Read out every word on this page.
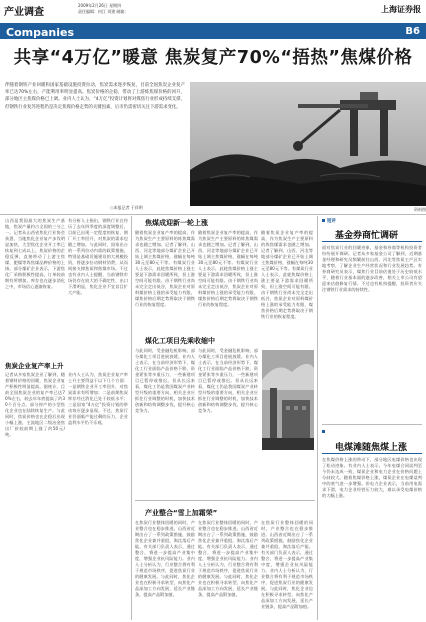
产业调查
2009年2月26日 星期四
责任编辑：何江 刘建 邮箱：	上海证券报
Companies	B6
共享“4万亿”暖意 焦炭复产70%“捂热”焦煤价格
伴随着钢铁产业回暖和国家基础设施投资拉动，焦炭需求逐步恢复，目前全国焦炭企业复产率已达70%左右，产能利用率明显提高。焦炭价格的企稳，带动了上游炼焦煤价格的回升，部分地区主焦煤价格已上调。业内人士认为，“4万亿”投资计划将对煤焦行业形成持续支撑，但钢铁行业复苏进程仍是决定焦煤价格走势的关键因素，后市仍需密切关注下游需求变化。
○本报记者 于祥明	资料图
山西是我国最大的焦炭生产基地，焦炭产量约占全国的三分之一。记者从山西省焦化行业协会获悉，当地焦化企业复产步伐明显加快，大型焦化企业开工率已恢复到七成以上。焦炭价格的企稳反弹，直接带动了上游主焦煤、肥煤等炼焦煤品种价格的上扬。部分煤矿企业表示，下游焦化厂采购积极性提高，订单较前期有所增加，库存也在逐步消化之中，市场信心逐渐恢复。
有分析人士指出，钢铁行业在经历了去年四季度的深度调整后，目前已出现一定程度的恢复，钢厂开工率回升，对焦炭的需求也随之增加。与此同时，国家出台的一系列拉动内需的政策措施，特别是基础设施建设的大规模投资，将逐步拉动钢材消费，从而间接支撑焦炭和焦煤市场。不过也有业内人士提醒，当前钢铁市场仍存在较大的不确定性，出口下滑明显，焦化企业不宜盲目扩大产能。
焦炭企业复产率上升
记者从多家焦炭企业了解到，随着钢材价格的回暖，焦炭企业复产积极性明显提高。据统计，目前全国焦炭企业的复产率已达70%左右，较去年年底提高了约30个百分点。部分停产的小型焦化企业也在陆续恢复生产。与此同时，焦炭价格也在企稳后出现小幅上涨，主流地区二级冶金焦出厂价较前期上涨了约50元/吨。
业内人士认为，焦炭企业复产率上升主要得益于以下几个方面：一是钢铁企业开工率回升，对焦炭需求有所增加；二是前期焦炭库存经过消化已处于较低水平；三是国家“4万亿”投资计划的带动效应逐步显现。不过，焦炭行业仍面临产能过剩的压力，企业盈利水平仍不乐观。
焦煤成迎新一轮上涨
随着焦炭企业复产率的提高，作为焦炭生产主要原料的炼焦煤需求也随之增加。记者了解到，山西、河北等地部分煤矿企业已开始上调主焦煤价格，涨幅在每吨30元至80元不等。有煤炭行业人士表示，此轮焦煤价格上涨主要是下游需求回暖所致，但上涨空间可能有限。由于钢铁行业尚未完全走出低谷，焦炭企业对原料煤价格上涨的承受能力有限，煤焦价格后期走势将取决于钢铁行业的恢复程度。
随着焦炭企业复产率的提高，作为焦炭生产主要原料的炼焦煤需求也随之增加。记者了解到，山西、河北等地部分煤矿企业已开始上调主焦煤价格，涨幅在每吨30元至80元不等。有煤炭行业人士表示，此轮焦煤价格上涨主要是下游需求回暖所致，但上涨空间可能有限。由于钢铁行业尚未完全走出低谷，焦炭企业对原料煤价格上涨的承受能力有限，煤焦价格后期走势将取决于钢铁行业的恢复程度。
随着焦炭企业复产率的提高，作为焦炭生产主要原料的炼焦煤需求也随之增加。记者了解到，山西、河北等地部分煤矿企业已开始上调主焦煤价格，涨幅在每吨30元至80元不等。有煤炭行业人士表示，此轮焦煤价格上涨主要是下游需求回暖所致，但上涨空间可能有限。由于钢铁行业尚未完全走出低谷，焦炭企业对原料煤价格上涨的承受能力有限，煤焦价格后期走势将取决于钢铁行业的恢复程度。
煤化工项目先乘收缩中
与此同时，受金融危机影响，部分煤化工项目进展放缓。业内人士表示，在当前经济形势下，煤化工行业面临产品价格下跌、资金紧张等多重压力，一些新建项目已暂停或推迟。但从长远来看，煤化工仍是我国煤炭产业转型升级的重要方向，相关企业应抓住行业调整的时机，加快技术创新和结构调整步伐，提升核心竞争力。
与此同时，受金融危机影响，部分煤化工项目进展放缓。业内人士表示，在当前经济形势下，煤化工行业面临产品价格下跌、资金紧张等多重压力，一些新建项目已暂停或推迟。但从长远来看，煤化工仍是我国煤炭产业转型升级的重要方向，相关企业应抓住行业调整的时机，加快技术创新和结构调整步伐，提升核心竞争力。
产业整合“雪上加霜荣”
在焦炭行业整体回暖的同时，产业整合也在稳步推进。山西省近期出台了一系列政策措施，鼓励焦化企业兼并重组，淘汰落后产能。有关部门负责人表示，通过整合，将进一步提高产业集中度，增强企业抗风险能力。业内人士分析认为，行业整合将有利于规范市场秩序，促进焦炭行业的健康发展。与此同时，焦化企业也在积极寻求转型，向焦化产品深加工方向发展，延长产业链条，提高产品附加值。
在焦炭行业整体回暖的同时，产业整合也在稳步推进。山西省近期出台了一系列政策措施，鼓励焦化企业兼并重组，淘汰落后产能。有关部门负责人表示，通过整合，将进一步提高产业集中度，增强企业抗风险能力。业内人士分析认为，行业整合将有利于规范市场秩序，促进焦炭行业的健康发展。与此同时，焦化企业也在积极寻求转型，向焦化产品深加工方向发展，延长产业链条，提高产品附加值。
在焦炭行业整体回暖的同时，产业整合也在稳步推进。山西省近期出台了一系列政策措施，鼓励焦化企业兼并重组，淘汰落后产能。有关部门负责人表示，通过整合，将进一步提高产业集中度，增强企业抗风险能力。业内人士分析认为，行业整合将有利于规范市场秩序，促进焦炭行业的健康发展。与此同时，焦化企业也在积极寻求转型，向焦化产品深加工方向发展，延长产业链条，提高产品附加值。
短评
基金券商忙调研
面对焦炭行业的回暖迹象，基金和券商等机构投资者纷纷展开调研。记者从多家基金公司了解到，近期基金经理和研究员频繁前往山西、河北等焦炭主产区实地考察，了解企业生产经营状况和行业发展趋势。有券商研究员表示，煤焦行业目前估值处于历史较低水平，随着行业基本面的逐步改善，相关上市公司有望迎来估值修复行情。不过也有机构提醒，投资者应关注钢铁行业需求的持续性。
电煤滩随焦煤上涨
在焦煤价格上涨的带动下，部分地区电煤价格也出现了松动迹象。有业内人士表示，今年电煤合同谈判至今仍未达成一致，煤炭企业和电力企业在价格问题上分歧较大。随着焦煤价格上涨，煤炭企业在电煤谈判中的底气进一步增强。但电力企业表示，当前用电需求下滑，电力企业经营压力较大，难以承受电煤价格的大幅上涨。
